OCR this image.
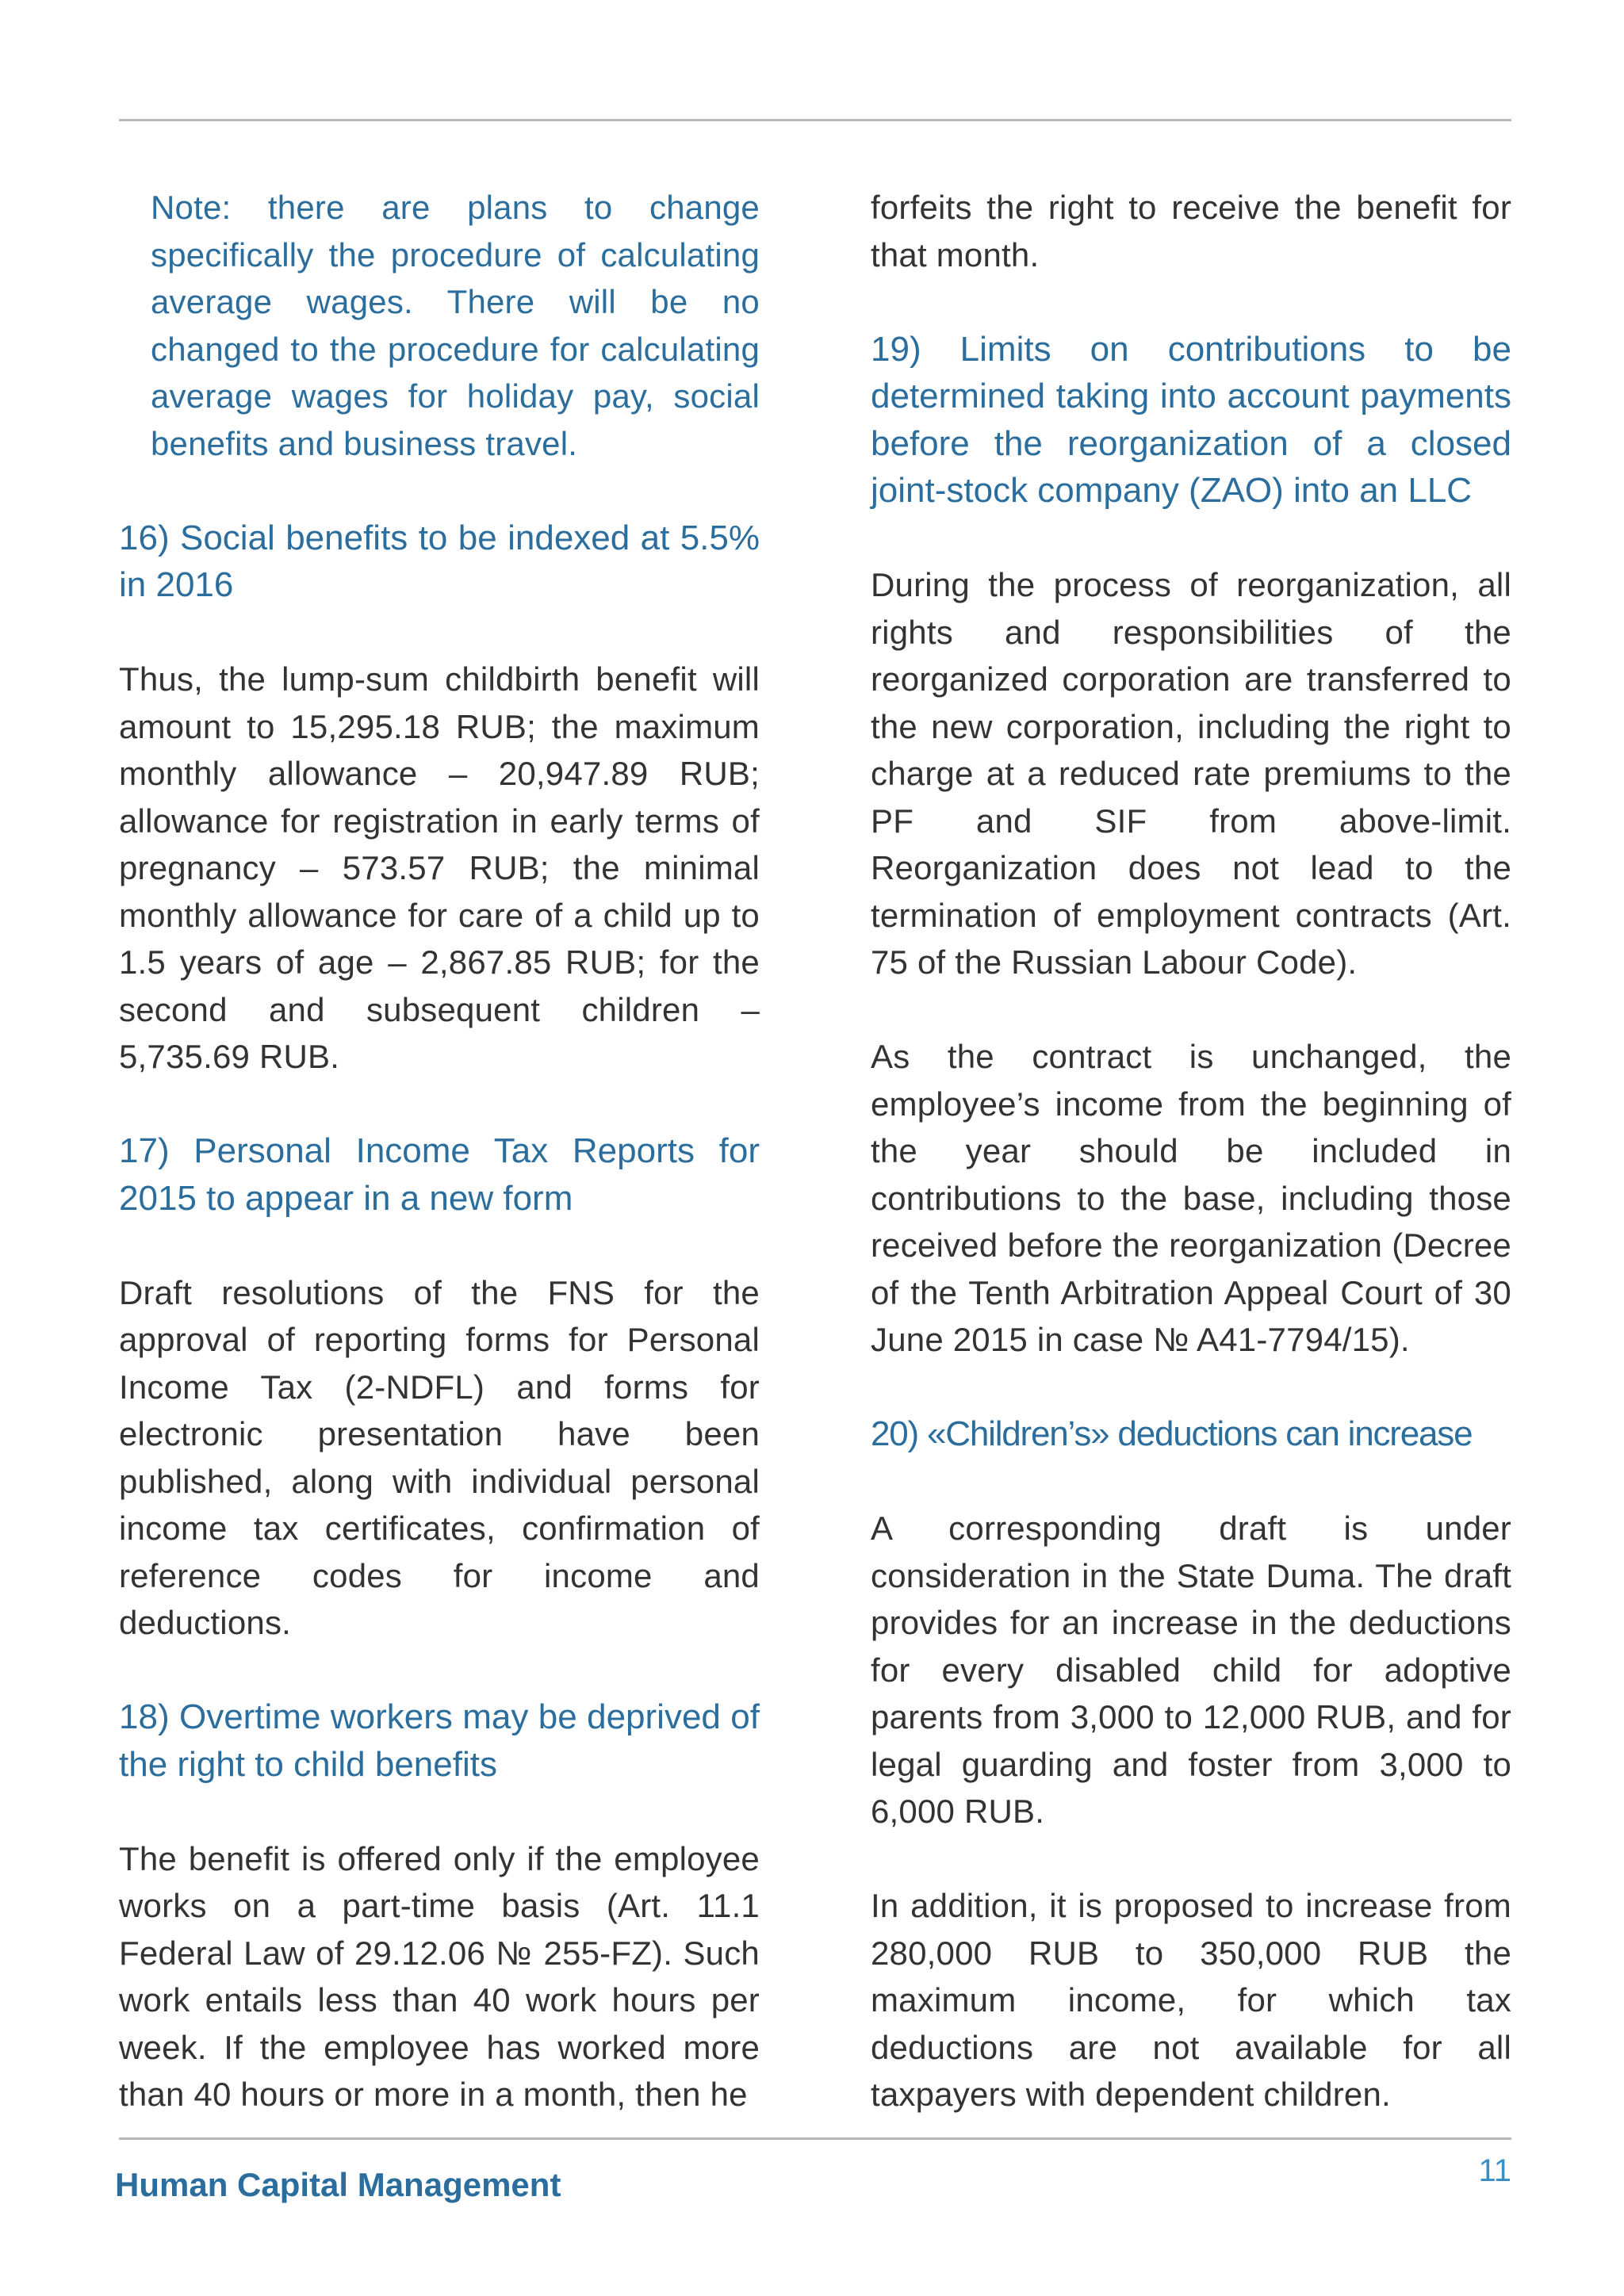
Note: there are plans to change specifically the procedure of calculating average wages. There will be no changed to the procedure for calculating average wages for holiday pay, social benefits and business travel.

16) Social benefits to be indexed at 5.5% in 2016

Thus, the lump-sum childbirth benefit will amount to 15,295.18 RUB; the maximum monthly allowance – 20,947.89 RUB; allowance for registration in early terms of pregnancy – 573.57 RUB; the minimal monthly allowance for care of a child up to 1.5 years of age – 2,867.85 RUB; for the second and subsequent children – 5,735.69 RUB.

17) Personal Income Tax Reports for 2015 to appear in a new form

Draft resolutions of the FNS for the approval of reporting forms for Personal Income Tax (2-NDFL) and forms for electronic presentation have been published, along with individual personal income tax certificates, confirmation of reference codes for income and deductions.

18) Overtime workers may be deprived of the right to child benefits

The benefit is offered only if the employee works on a part-time basis (Art. 11.1 Federal Law of 29.12.06 № 255-FZ). Such work entails less than 40 work hours per week. If the employee has worked more than 40 hours or more in a month, then he

forfeits the right to receive the benefit for that month.

19) Limits on contributions to be determined taking into account payments before the reorganization of a closed joint-stock company (ZAO) into an LLC

During the process of reorganization, all rights and responsibilities of the reorganized corporation are transferred to the new corporation, including the right to charge at a reduced rate premiums to the PF and SIF from above-limit. Reorganization does not lead to the termination of employment contracts (Art. 75 of the Russian Labour Code).

As the contract is unchanged, the employee’s income from the beginning of the year should be included in contributions to the base, including those received before the reorganization (Decree of the Tenth Arbitration Appeal Court of 30 June 2015 in case № A41-7794/15).

20) «Children’s» deductions can increase

A corresponding draft is under consideration in the State Duma. The draft provides for an increase in the deductions for every disabled child for adoptive parents from 3,000 to 12,000 RUB, and for legal guarding and foster from 3,000 to 6,000 RUB.

In addition, it is proposed to increase from 280,000 RUB to 350,000 RUB the maximum income, for which tax deductions are not available for all taxpayers with dependent children.

Human Capital Management	11
